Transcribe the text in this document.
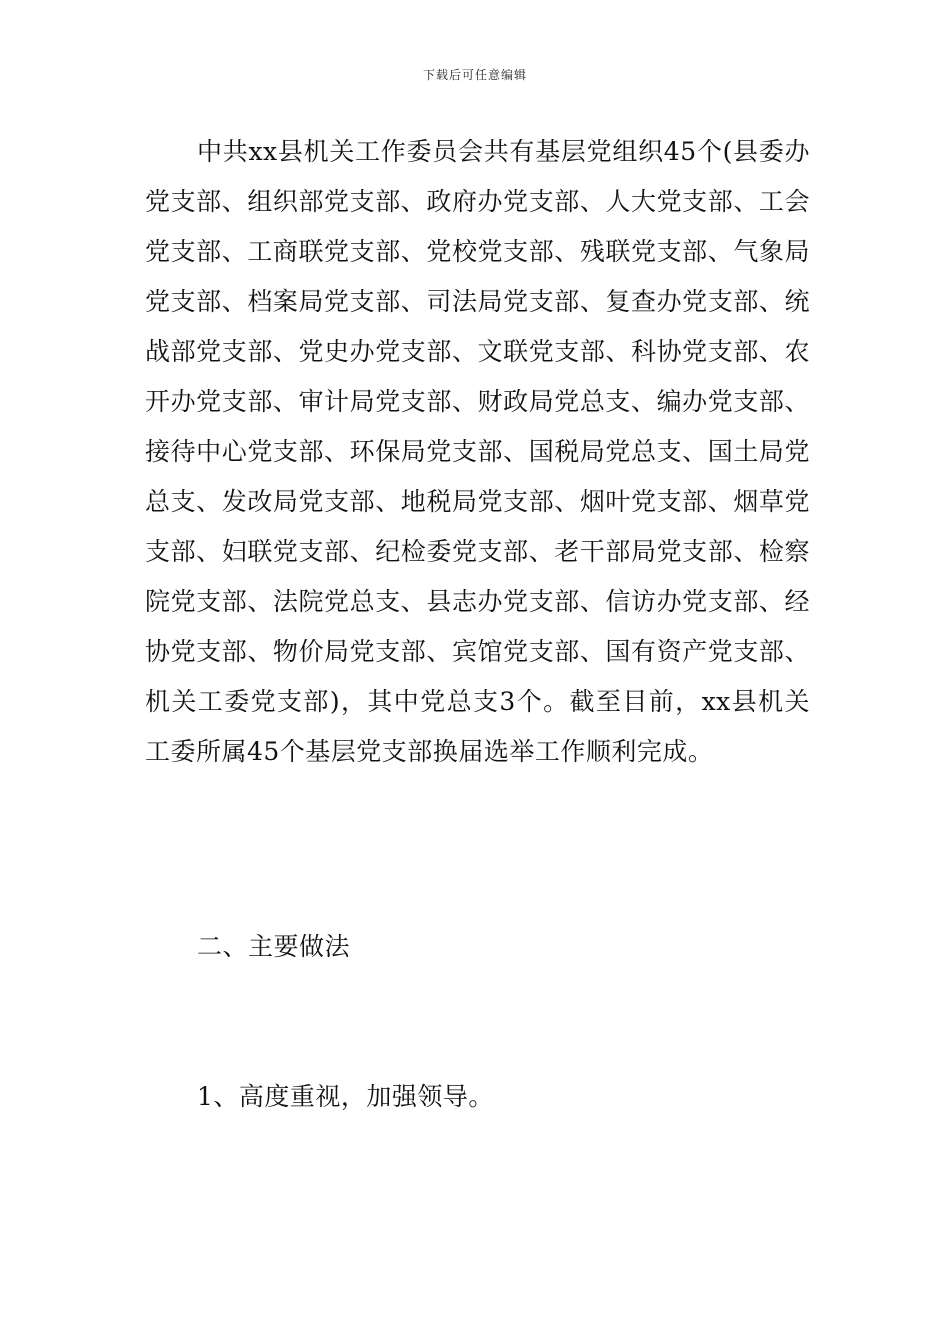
下载后可任意编辑

中共xx县机关工作委员会共有基层党组织45个(县委办党支部、组织部党支部、政府办党支部、人大党支部、工会党支部、工商联党支部、党校党支部、残联党支部、气象局党支部、档案局党支部、司法局党支部、复查办党支部、统战部党支部、党史办党支部、文联党支部、科协党支部、农开办党支部、审计局党支部、财政局党总支、编办党支部、接待中心党支部、环保局党支部、国税局党总支、国土局党总支、发改局党支部、地税局党支部、烟叶党支部、烟草党支部、妇联党支部、纪检委党支部、老干部局党支部、检察院党支部、法院党总支、县志办党支部、信访办党支部、经协党支部、物价局党支部、宾馆党支部、国有资产党支部、机关工委党支部)，其中党总支3个。截至目前，xx县机关工委所属45个基层党支部换届选举工作顺利完成。

二、主要做法
1、高度重视，加强领导。
